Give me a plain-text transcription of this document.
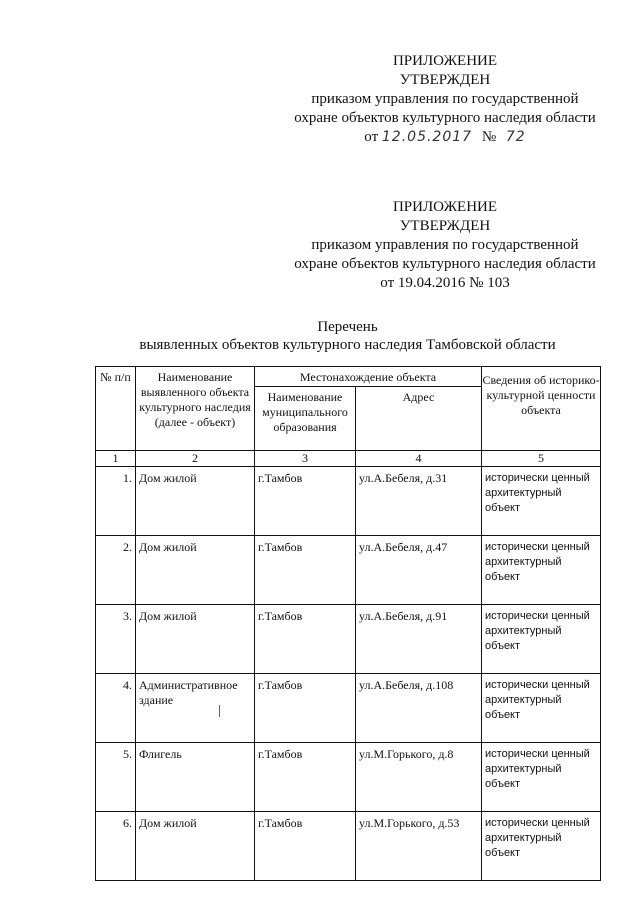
ПРИЛОЖЕНИЕ
УТВЕРЖДЕН
приказом управления по государственной
охране объектов культурного наследия области
от 12.05.2017 № 72
ПРИЛОЖЕНИЕ
УТВЕРЖДЕН
приказом управления по государственной
охране объектов культурного наследия области
от 19.04.2016 № 103
Перечень
выявленных объектов культурного наследия Тамбовской области
№ п/п	Наименование выявленного объекта культурного наследия (далее - объект)	Местонахождение объекта		Сведения об историко-культурной ценности объекта
		Наименование муниципального образования	Адрес	
1	2	3	4	5
1.	Дом жилой	г.Тамбов	ул.А.Бебеля, д.31	исторически ценный архитектурный объект
2.	Дом жилой	г.Тамбов	ул.А.Бебеля, д.47	исторически ценный архитектурный объект
3.	Дом жилой	г.Тамбов	ул.А.Бебеля, д.91	исторически ценный архитектурный объект
4.	Административное здание	г.Тамбов	ул.А.Бебеля, д.108	исторически ценный архитектурный объект
5.	Флигель	г.Тамбов	ул.М.Горького, д.8	исторически ценный архитектурный объект
6.	Дом жилой	г.Тамбов	ул.М.Горького, д.53	исторически ценный архитектурный объект
